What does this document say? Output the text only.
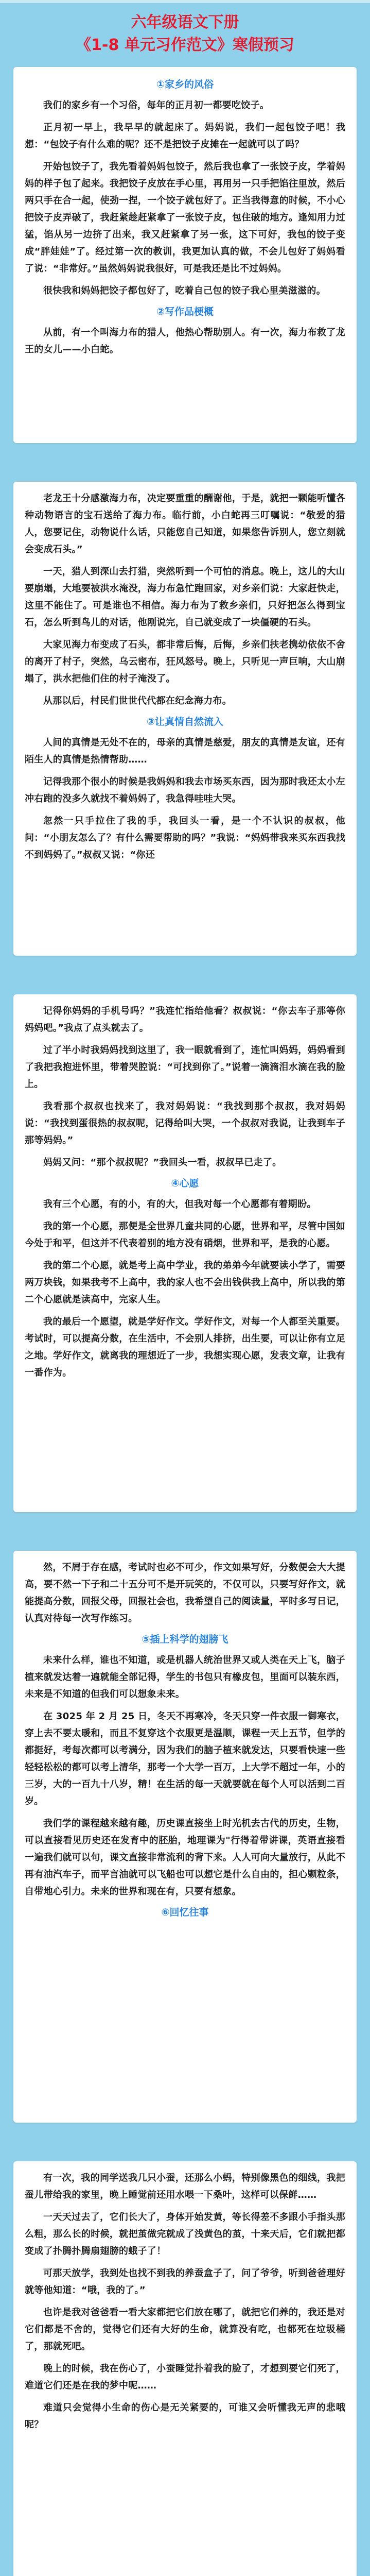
六年级语文下册
《1-8 单元习作范文》寒假预习
①家乡的风俗

我们的家乡有一个习俗，每年的正月初一都要吃饺子。

正月初一早上，我早早的就起床了。妈妈说，我们一起包饺子吧！我想：“包饺子有什么难的呢？还不是把饺子皮摊在一起就可以了吗？

开始包饺子了，我先看着妈妈包饺子，然后我也拿了一张饺子皮，学着妈妈的样子包了起来。我把饺子皮放在手心里，再用另一只手把馅往里放，然后两只手在合一起，使劲一捏，一个饺子就包好了。正当我得意的时候，不小心把饺子皮弄破了，我赶紧趁赶紧拿了一张饺子皮，包住破的地方。逢知用力过猛，馅从另一边挤了出来，我又赶紧拿了另一张，这下可好，我包的饺子变成“胖娃娃”了。经过第一次的教训，我更加认真的做，不会儿包好了妈妈看了说：“非常好。”虽然妈妈说我很好，可是我还是比不过妈妈。

很快我和妈妈把饺子都包好了，吃着自己包的饺子我心里美滋滋的。

②写作品梗概

从前，有一个叫海力布的猎人，他热心帮助别人。有一次，海力布救了龙王的女儿——小白蛇。

老龙王十分感激海力布，决定要重重的酬谢他，于是，就把一颗能听懂各种动物语言的宝石送给了海力布。临行前，小白蛇再三叮嘱说：“敬爱的猎人，您要记住，动物说什么话，只能您自己知道，如果您告诉别人，您立刻就会变成石头。”

一天，猎人到深山去打猎，突然听到一个可怕的消息。晚上，这儿的大山要崩塌，大地要被洪水淹没，海力布急忙跑回家，对乡亲们说：大家赶快走，这里不能住了。可是谁也不相信。海力布为了救乡亲们，只好把怎么得到宝石，怎么听到鸟儿的对话，他刚说完，自己就变成了一块僵硬的石头。

大家见海力布变成了石头，都非常后悔，后悔，乡亲们扶老携幼依依不舍的离开了村子，突然，乌云密布，狂风怒号。晚上，只听见一声巨响，大山崩塌了，洪水把他们住的村子淹没了。

从那以后，村民们世世代代都在纪念海力布。

③让真情自然流入

人间的真情是无处不在的，母亲的真情是慈爱，朋友的真情是友谊，还有陌生人的真情是热情帮助……

记得我那个很小的时候是我妈妈和我去市场买东西，因为那时我还太小左冲右跑的没多久就找不着妈妈了，我急得哇哇大哭。

忽然一只手拉住了我的手，我回头一看，是一个不认识的叔叔，他问：“小朋友怎么了？有什么需要帮助的吗？”我说：“妈妈带我来买东西我找不到妈妈了。”叔叔又说：“你还

记得你妈妈的手机号吗？”我连忙指给他看？叔叔说：“你去车子那等你妈妈吧。”我点了点头就去了。

过了半小时我妈妈找到这里了，我一眼就看到了，连忙叫妈妈，妈妈看到了我把我抱进怀里，带着哭腔说：“可找到你了。”说着一滴滴泪水滴在我的脸上。

我看那个叔叔也找来了，我对妈妈说：“我找到那个叔叔，我对妈妈说：“我找到蛋很热的叔叔呢，记得给叫大哭，一个叔叔对我说，让我到车子那等妈妈。”

妈妈又问：“那个叔叔呢？”我回头一看，叔叔早已走了。

④心愿

我有三个心愿，有的小，有的大，但我对每一个心愿都有着期盼。

我的第一个心愿，那便是全世界几童共同的心愿，世界和平，尽管中国如今处于和平，但这并不代表着别的地方没有硝烟，世界和平，是我的心愿。

我的第二个心愿，就是考上高中学业，我的弟弟今年就要读小学了，需要两万块钱，如果我考不上高中，我的家人也不会出钱供我上高中，所以我的第二个心愿就是读高中，完家人生。

我的最后一个愿望，就是学好作文。学好作文，对每一个人都至关重要。考试时，可以提高分数，在生活中，不会别人排挤，出生要，可以让你有立足之地。学好作文，就离我的理想近了一步，我想实现心愿，发表文章，让我有一番作为。

然，不屑于存在感，考试时也必不可少，作文如果写好，分数便会大大提高，要不然一下子和二十五分可不是开玩笑的，不仅可以，只要写好作文，就能提高分数，回报父母，回报社会也，我希望自己的阅读量，平时多写日记，认真对待每一次写作练习。

⑤插上科学的翅膀飞

未来什么样，谁也不知道，或是机器人统治世界又或人类在天上飞，脑子植来就发达着一遍就能全部记得，学生的书包只有橡皮包，里面可以装东西，未来是不知道的但我们可以想象未来。

在 3025 年 2 月 25 日，冬天不再寒冷，冬天只穿一件衣服一御寒衣，穿上去不要太暖和，而且不复穿这个衣服更是温顺，课程一天上五节，但学的都挺好，考每次都可以考满分，因为我们的脑子植来就发达，只要看快速一些轻轻松松的都可以考上清华，那考一个大学一百万，上大学不超过一年，小的三岁，大的一百九十八岁，精！在生活的每一天就要就在每个人可以活到二百岁。

我们学的课程越来越有趣，历史课直接坐上时光机去古代的历史，生物，可以直接看见历史还在发育中的胚胎，地理课为"行得着带讲课，英语直接看一遍我们就可以句，课文直接非常流利的背下来。人人可向大量放行，从此不再有油汽车子，而平言油就可以飞船也可以想它是什么自由的，担心颗粒条，自带地心引力。未来的世界和现在有，只要有想象。

⑥回忆往事

有一次，我的同学送我几只小蚕，还那么小蚂，特别像黑色的细线，我把蚕儿带给我的家里，晚上睡觉前还用水喂一下桑叶，这样可以保鲜……

一天天过去了，它们长大了，身体开始发黄，等长得差不多跟小手指头那么粗，那么长的时候，就把茧做完就成了浅黄色的茧，十来天后，它们就把都变成了扑腾扑腾扇翅膀的蛾子了！

可那天放学，我到处也找不到我的养蚕盒子了，问了爷爷，听到爸爸理好就等他知道：“哦，我的了。”

也许是我对爸爸看一看大家都把它们放在哪了，就把它们养的，我还是对它们都是不舍的，觉得它们还有大好的生命，就算没有吃，也都死在垃圾桶了，那就死吧。

晚上的时候，我在伤心了，小蚕睡觉扑着我的脸了，才想到要它们死了，难道它们还是在我的梦中呢……

难道只会觉得小生命的伤心是无关紧要的，可谁又会听懂我无声的悲哦呢？
